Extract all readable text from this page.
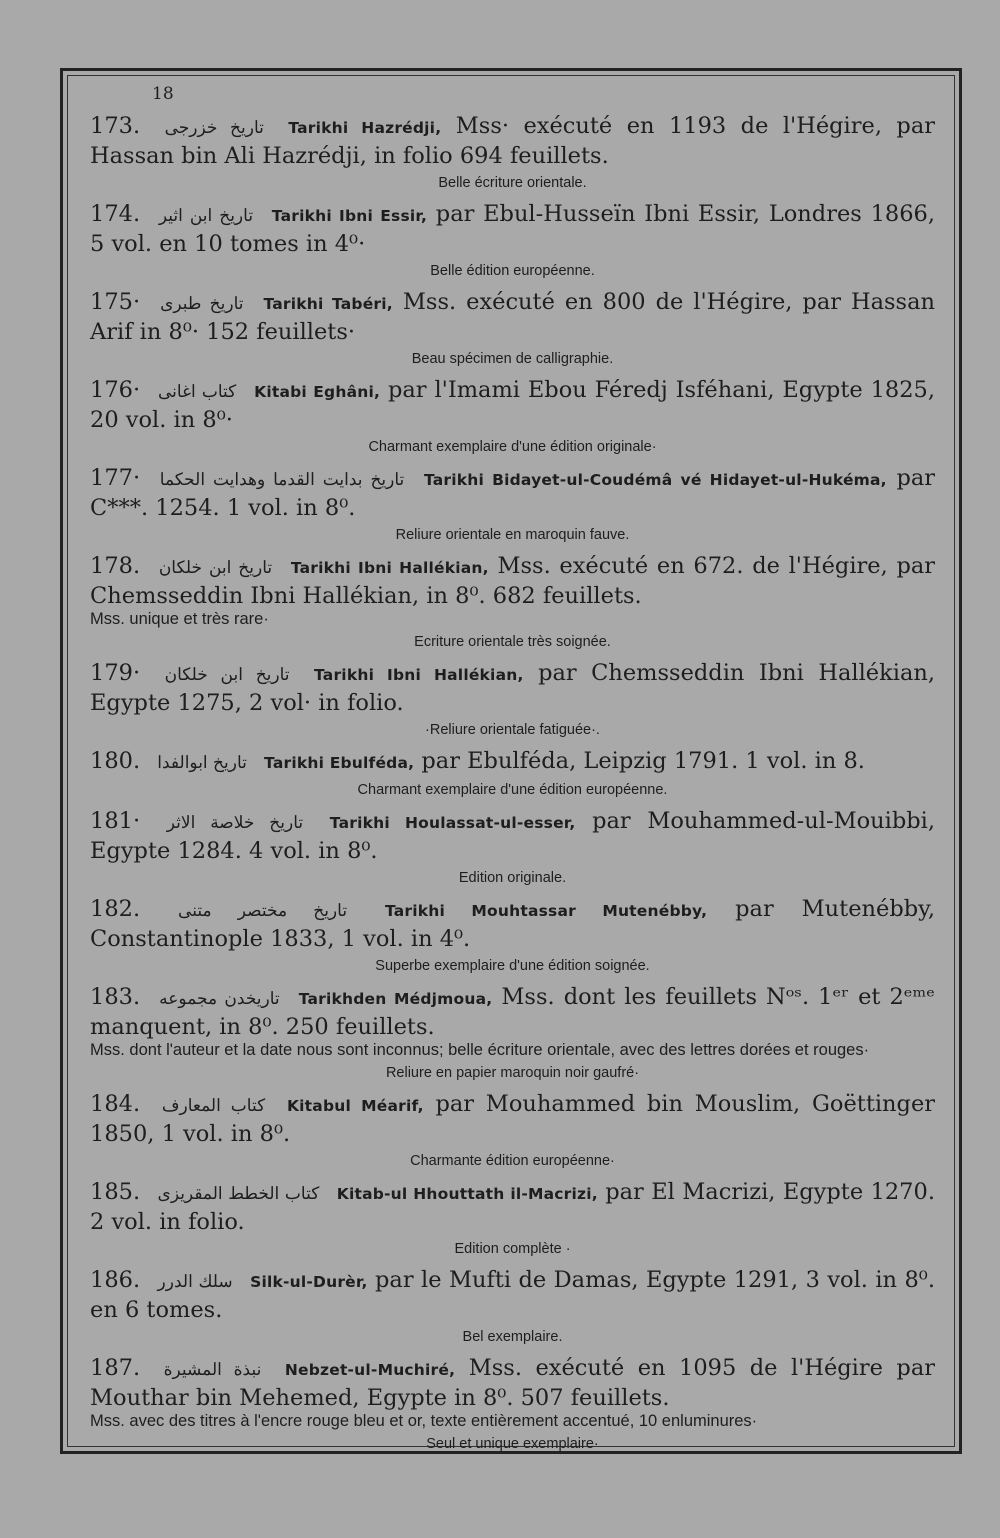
18
173. تاریخ خزرجی Tarikhi Hazrédji, Mss· exécuté en 1193 de l'Hégire, par Hassan bin Ali Hazrédji, in folio 694 feuillets.
Belle écriture orientale.
174. تاریخ ابن اثیر Tarikhi Ibni Essir, par Ebul-Husseïn Ibni Essir, Londres 1866, 5 vol. en 10 tomes in 4⁰·
Belle édition européenne.
175· تاریخ طبری Tarikhi Tabéri, Mss. exécuté en 800 de l'Hégire, par Hassan Arif in 8⁰· 152 feuillets·
Beau spécimen de calligraphie.
176· کتاب اغانی Kitabi Eghâni, par l'Imami Ebou Féredj Isféhani, Egypte 1825, 20 vol. in 8⁰·
Charmant exemplaire d'une édition originale·
177· تاریخ بدایت القدما وهدایت الحکما Tarikhi Bidayet-ul-Coudémâ vé Hidayet-ul-Hukéma, par C***. 1254. 1 vol. in 8⁰.
Reliure orientale en maroquin fauve.
178. تاریخ ابن خلکان Tarikhi Ibni Hallékian, Mss. exécuté en 672. de l'Hégire, par Chemsseddin Ibni Hallékian, in 8⁰. 682 feuillets.
Mss. unique et très rare·
Ecriture orientale très soignée.
179· تاریخ ابن خلکان Tarikhi Ibni Hallékian, par Chemsseddin Ibni Hallékian, Egypte 1275, 2 vol· in folio.
·Reliure orientale fatiguée·.
180. تاریخ ابوالفدا Tarikhi Ebulféda, par Ebulféda, Leipzig 1791. 1 vol. in 8.
Charmant exemplaire d'une édition européenne.
181· تاریخ خلاصة الاثر Tarikhi Houlassat-ul-esser, par Mouhammed-ul-Mouibbi, Egypte 1284. 4 vol. in 8⁰.
Edition originale.
182. تاریخ مختصر متنی Tarikhi Mouhtassar Mutenébby, par Mutenébby, Constantinople 1833, 1 vol. in 4⁰.
Superbe exemplaire d'une édition soignée.
183. تاریخدن مجموعه Tarikhden Médjmoua, Mss. dont les feuillets Nᵒˢ. 1ᵉʳ et 2ᵉᵐᵉ manquent, in 8⁰. 250 feuillets.
Mss. dont l'auteur et la date nous sont inconnus; belle écriture orientale, avec des lettres dorées et rouges·
Reliure en papier maroquin noir gaufré·
184. کتاب المعارف Kitabul Méarif, par Mouhammed bin Mouslim, Goëttinger 1850, 1 vol. in 8⁰.
Charmante édition européenne·
185. کتاب الخطط المقریزی Kitab-ul Hhouttath il-Macrizi, par El Macrizi, Egypte 1270. 2 vol. in folio.
Edition complète ·
186. سلك الدرر Silk-ul-Durèr, par le Mufti de Damas, Egypte 1291, 3 vol. in 8⁰. en 6 tomes.
Bel exemplaire.
187. نبذة المشيرة Nebzet-ul-Muchiré, Mss. exécuté en 1095 de l'Hégire par Mouthar bin Mehemed, Egypte in 8⁰. 507 feuillets.
Mss. avec des titres à l'encre rouge bleu et or, texte entièrement accentué, 10 enluminures·
Seul et unique exemplaire·
